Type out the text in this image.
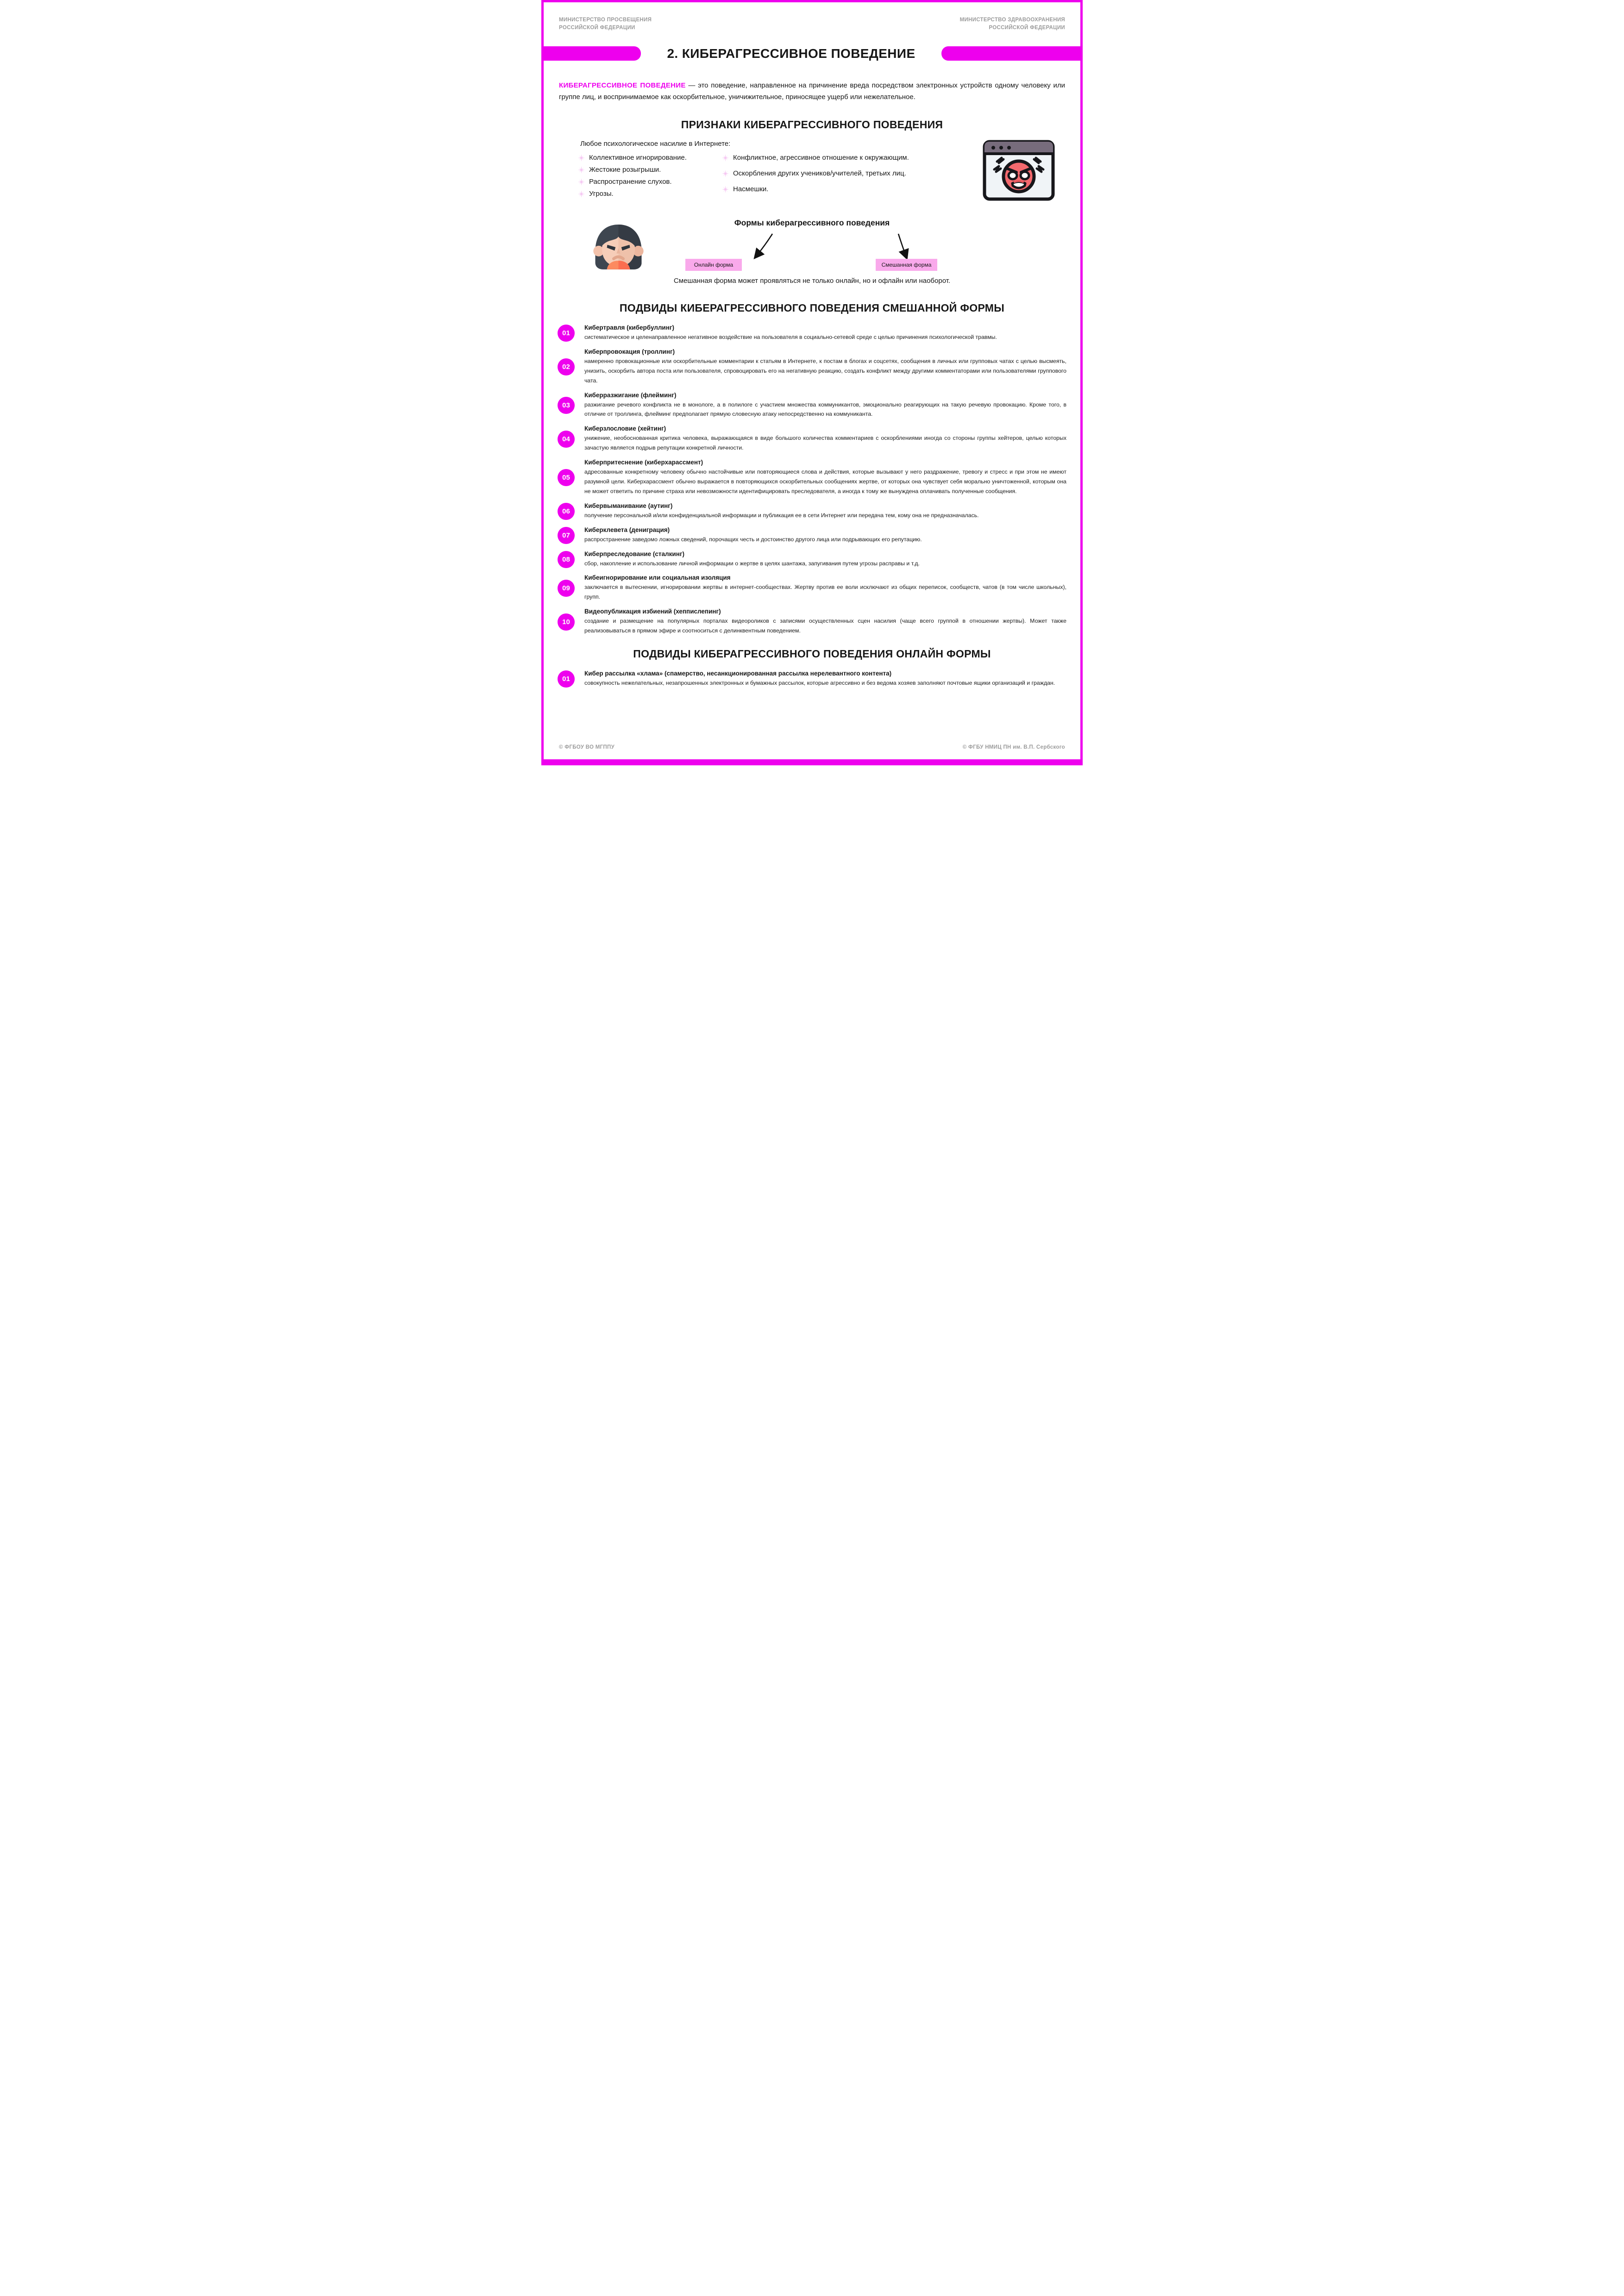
МИНИСТЕРСТВО ПРОСВЕЩЕНИЯ
РОССИЙСКОЙ ФЕДЕРАЦИИ
МИНИСТЕРСТВО ЗДРАВООХРАНЕНИЯ
РОССИЙСКОЙ ФЕДЕРАЦИИ
2. КИБЕРАГРЕССИВНОЕ ПОВЕДЕНИЕ

КИБЕРАГРЕССИВНОЕ ПОВЕДЕНИЕ — это поведение, направленное на причинение вреда посредством электронных устройств одному человеку или группе лиц, и воспринимаемое как оскорбительное, уничижительное, приносящее ущерб или нежелательное.

ПРИЗНАКИ КИБЕРАГРЕССИВНОГО ПОВЕДЕНИЯ

Любое психологическое насилие в Интернете:

Коллективное игнорирование.
Жестокие розыгрыши.
Распространение слухов.
Угрозы.
Конфликтное, агрессивное отношение к окружающим.
Оскорбления других учеников/учителей, третьих лиц.
Насмешки.
Формы киберагрессивного поведения
Онлайн форма	Смешанная форма

Смешанная форма может проявляться не только онлайн, но и офлайн или наоборот.

ПОДВИДЫ КИБЕРАГРЕССИВНОГО ПОВЕДЕНИЯ СМЕШАННОЙ ФОРМЫ
01
Кибертравля (кибербуллинг)
систематическое и целенаправленное негативное воздействие на пользователя в социально-сетевой среде с целью причинения психологической травмы.
02
Киберпровокация (троллинг)
намеренно провокационные или оскорбительные комментарии к статьям в Интернете, к постам в блогах и соцсетях, сообщения в личных или групповых чатах с целью высмеять, унизить, оскорбить автора поста или пользователя, спровоцировать его на негативную реакцию, создать конфликт между другими комментаторами или пользователями группового чата.
03
Киберразжигание (флейминг)
разжигание речевого конфликта не в монологе, а в полилоге с участием множества коммуникантов, эмоционально реагирующих на такую речевую провокацию. Кроме того, в отличие от троллинга, флейминг предполагает прямую словесную атаку непосредственно на коммуниканта.
04
Киберзлословие (хейтинг)
унижение, необоснованная критика человека, выражающаяся в виде большого количества комментариев с оскорблениями иногда со стороны группы хейтеров, целью которых зачастую является подрыв репутации конкретной личности.
05
Киберпритеснение (киберхарассмент)
адресованные конкретному человеку обычно настойчивые или повторяющиеся слова и действия, которые вызывают у него раздражение, тревогу и стресс и при этом не имеют разумной цели. Киберхарассмент обычно выражается в повторяющихся оскорбительных сообщениях жертве, от которых она чувствует себя морально уничтоженной, которым она не может ответить по причине страха или невозможности идентифицировать преследователя, а иногда к тому же вынуждена оплачивать полученные сообщения.
06
Кибервыманивание (аутинг)
получение персональной и/или конфиденциальной информации и публикация ее в сети Интернет или передача тем, кому она не предназначалась.
07
Киберклевета (дениграция)
распространение заведомо ложных сведений, порочащих честь и достоинство другого лица или подрывающих его репутацию.
08
Киберпреследование (сталкинг)
сбор, накопление и использование личной информации о жертве в целях шантажа, запугивания путем угрозы расправы и т.д.
09
Кибеигнорирование или социальная изоляция
заключается в вытеснении, игнорировании жертвы в интернет-сообществах. Жертву против ее воли исключают из общих переписок, сообществ, чатов (в том числе школьных), групп.
10
Видеопубликация избиений (хеппислепинг)
создание и размещение на популярных порталах видеороликов с записями осуществленных сцен насилия (чаще всего группой в отношении жертвы). Может также реализовываться в прямом эфире и соотноситься с делинквентным поведением.
ПОДВИДЫ КИБЕРАГРЕССИВНОГО ПОВЕДЕНИЯ ОНЛАЙН ФОРМЫ
01
Кибер рассылка «хлама» (спамерство, несанкционированная рассылка нерелевантного контента)
совокупность нежелательных, незапрошенных электронных и бумажных рассылок, которые агрессивно и без ведома хозяев заполняют почтовые ящики организаций и граждан.
© ФГБОУ ВО МГППУ	© ФГБУ НМИЦ ПН им. В.П. Сербского
